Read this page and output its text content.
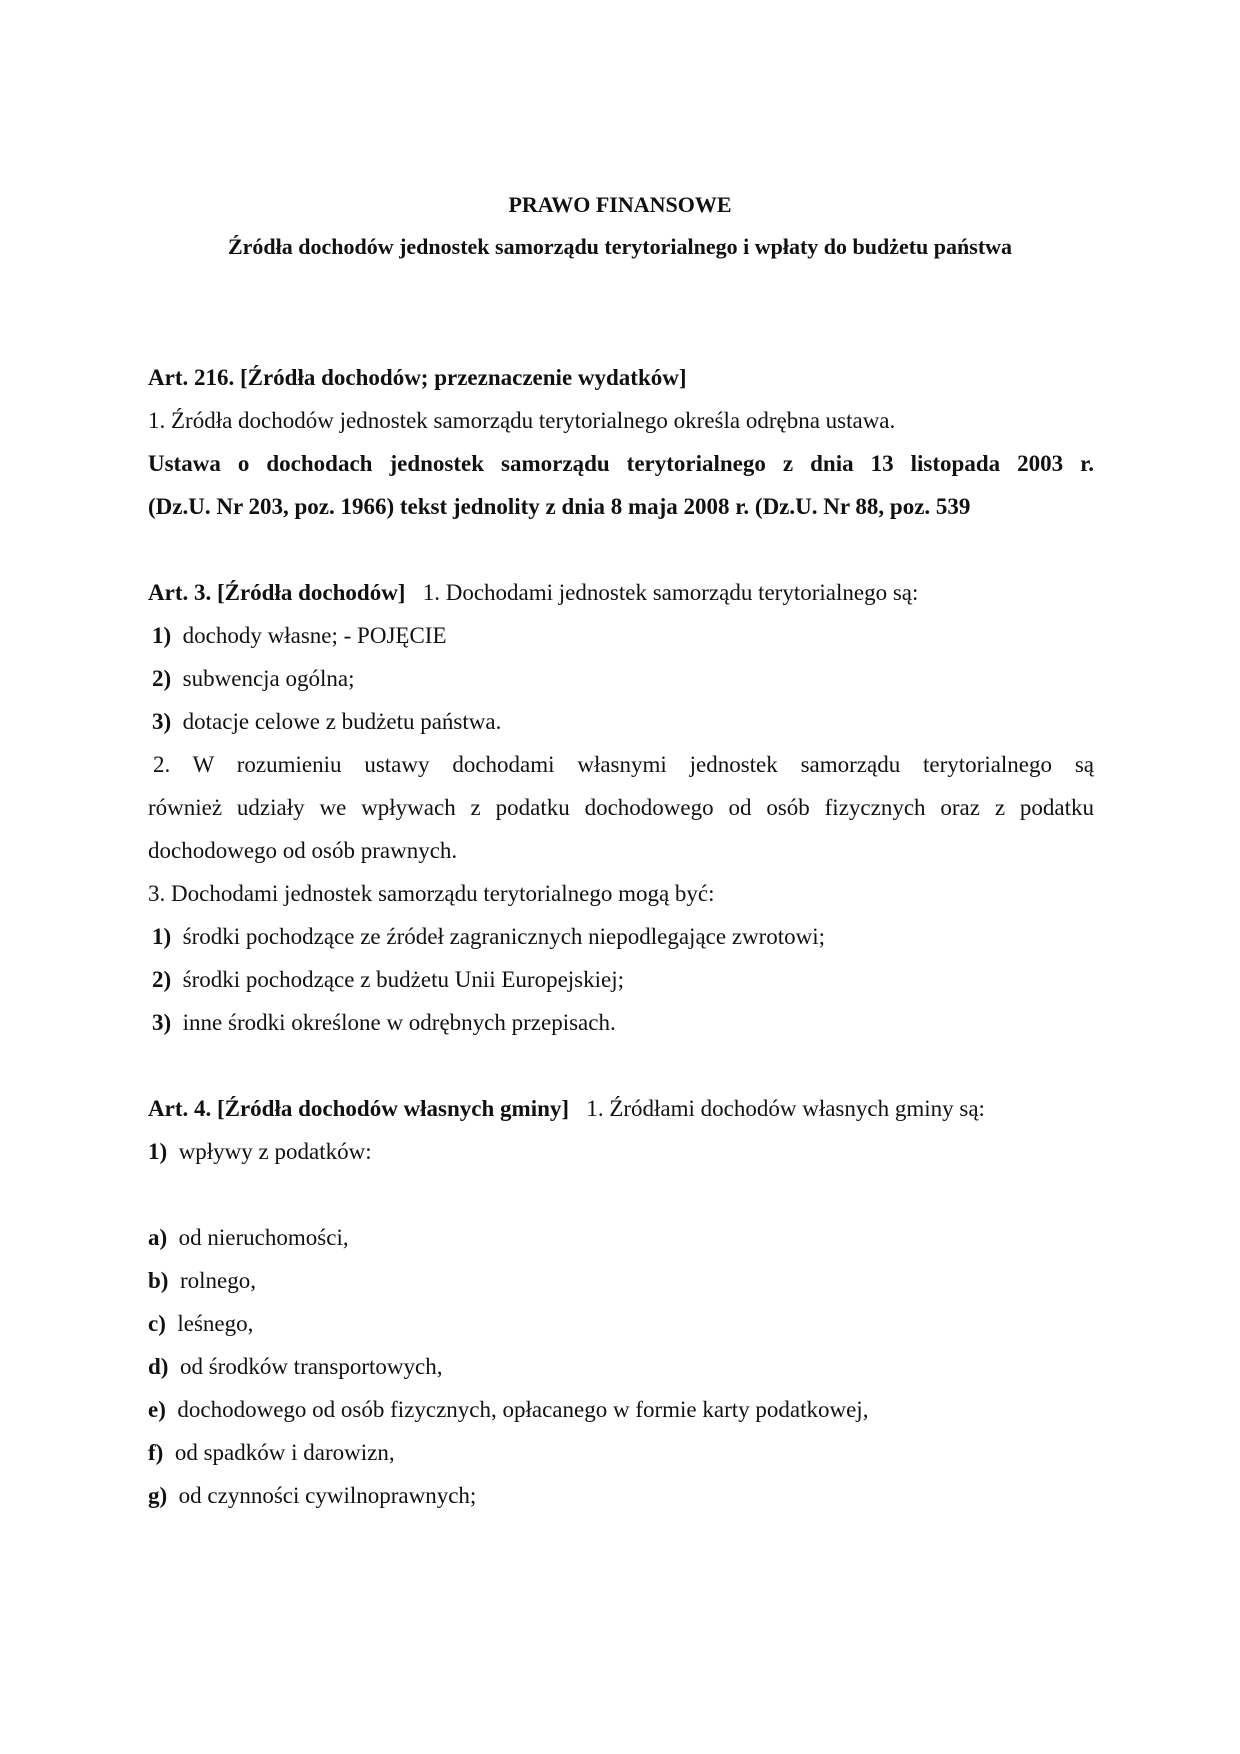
PRAWO FINANSOWE
Źródła dochodów jednostek samorządu terytorialnego i wpłaty do budżetu państwa
Art. 216. [Źródła dochodów; przeznaczenie wydatków]
1. Źródła dochodów jednostek samorządu terytorialnego określa odrębna ustawa.
Ustawa o dochodach jednostek samorządu terytorialnego z dnia 13 listopada 2003 r.
(Dz.U. Nr 203, poz. 1966) tekst jednolity z dnia 8 maja 2008 r. (Dz.U. Nr 88, poz. 539
Art. 3. [Źródła dochodów] 1. Dochodami jednostek samorządu terytorialnego są:
1) dochody własne; - POJĘCIE
2) subwencja ogólna;
3) dotacje celowe z budżetu państwa.
2. W rozumieniu ustawy dochodami własnymi jednostek samorządu terytorialnego są
również udziały we wpływach z podatku dochodowego od osób fizycznych oraz z podatku
dochodowego od osób prawnych.
3. Dochodami jednostek samorządu terytorialnego mogą być:
1) środki pochodzące ze źródeł zagranicznych niepodlegające zwrotowi;
2) środki pochodzące z budżetu Unii Europejskiej;
3) inne środki określone w odrębnych przepisach.
Art. 4. [Źródła dochodów własnych gminy] 1. Źródłami dochodów własnych gminy są:
1) wpływy z podatków:
a) od nieruchomości,
b) rolnego,
c) leśnego,
d) od środków transportowych,
e) dochodowego od osób fizycznych, opłacanego w formie karty podatkowej,
f) od spadków i darowizn,
g) od czynności cywilnoprawnych;
